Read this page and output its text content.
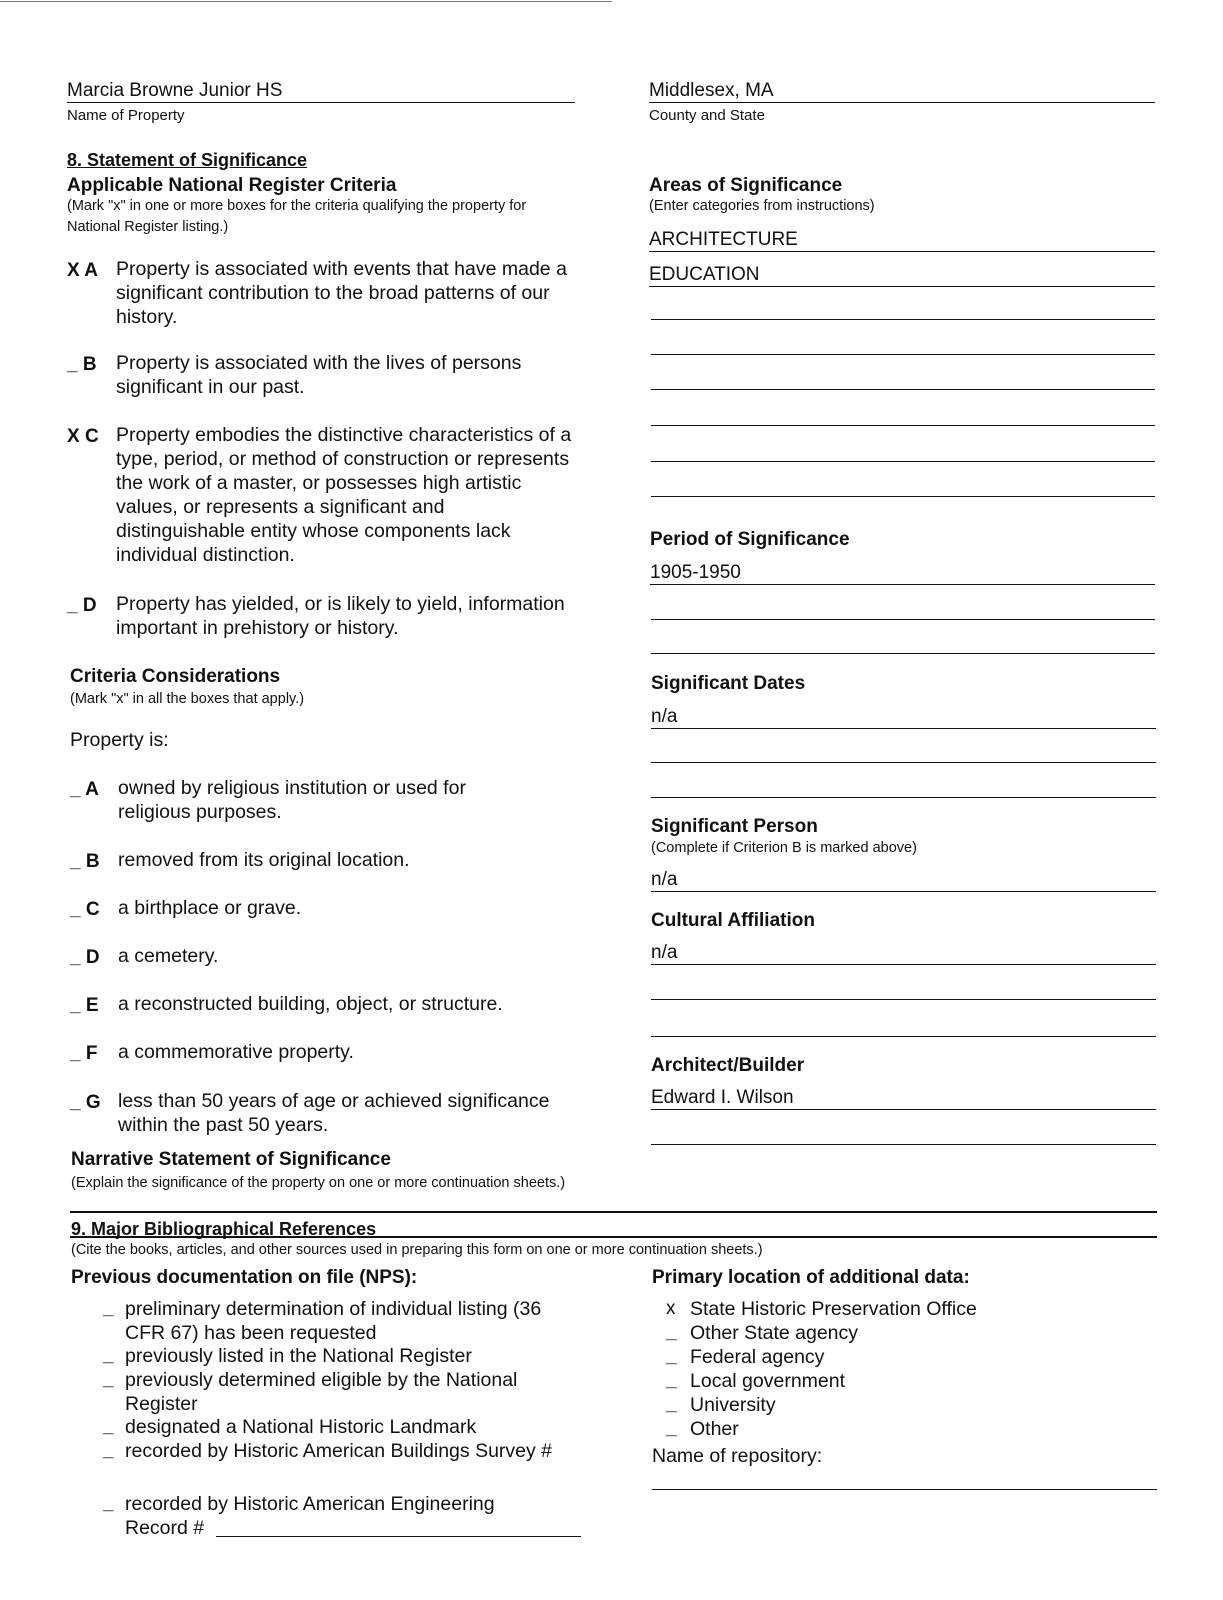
Marcia Browne Junior HS
Name of Property
Middlesex, MA
County and State
8. Statement of Significance
Applicable National Register Criteria
(Mark "x" in one or more boxes for the criteria qualifying the property for National Register listing.)
X A Property is associated with events that have made a significant contribution to the broad patterns of our history.
_ B Property is associated with the lives of persons significant in our past.
X C Property embodies the distinctive characteristics of a type, period, or method of construction or represents the work of a master, or possesses high artistic values, or represents a significant and distinguishable entity whose components lack individual distinction.
_ D Property has yielded, or is likely to yield, information important in prehistory or history.
Criteria Considerations
(Mark "x" in all the boxes that apply.)
Property is:
_ A owned by religious institution or used for religious purposes.
_ B removed from its original location.
_ C a birthplace or grave.
_ D a cemetery.
_ E a reconstructed building, object, or structure.
_ F a commemorative property.
_ G less than 50 years of age or achieved significance within the past 50 years.
Narrative Statement of Significance
(Explain the significance of the property on one or more continuation sheets.)
Areas of Significance
(Enter categories from instructions)
ARCHITECTURE
EDUCATION
Period of Significance
1905-1950
Significant Dates
n/a
Significant Person
(Complete if Criterion B is marked above)
n/a
Cultural Affiliation
n/a
Architect/Builder
Edward I. Wilson
9. Major Bibliographical References
(Cite the books, articles, and other sources used in preparing this form on one or more continuation sheets.)
Previous documentation on file (NPS):
_ preliminary determination of individual listing (36 CFR 67) has been requested
_ previously listed in the National Register
_ previously determined eligible by the National Register
_ designated a National Historic Landmark
_ recorded by Historic American Buildings Survey #
_ recorded by Historic American Engineering Record #
Primary location of additional data:
x State Historic Preservation Office
_ Other State agency
_ Federal agency
_ Local government
_ University
_ Other
Name of repository:
